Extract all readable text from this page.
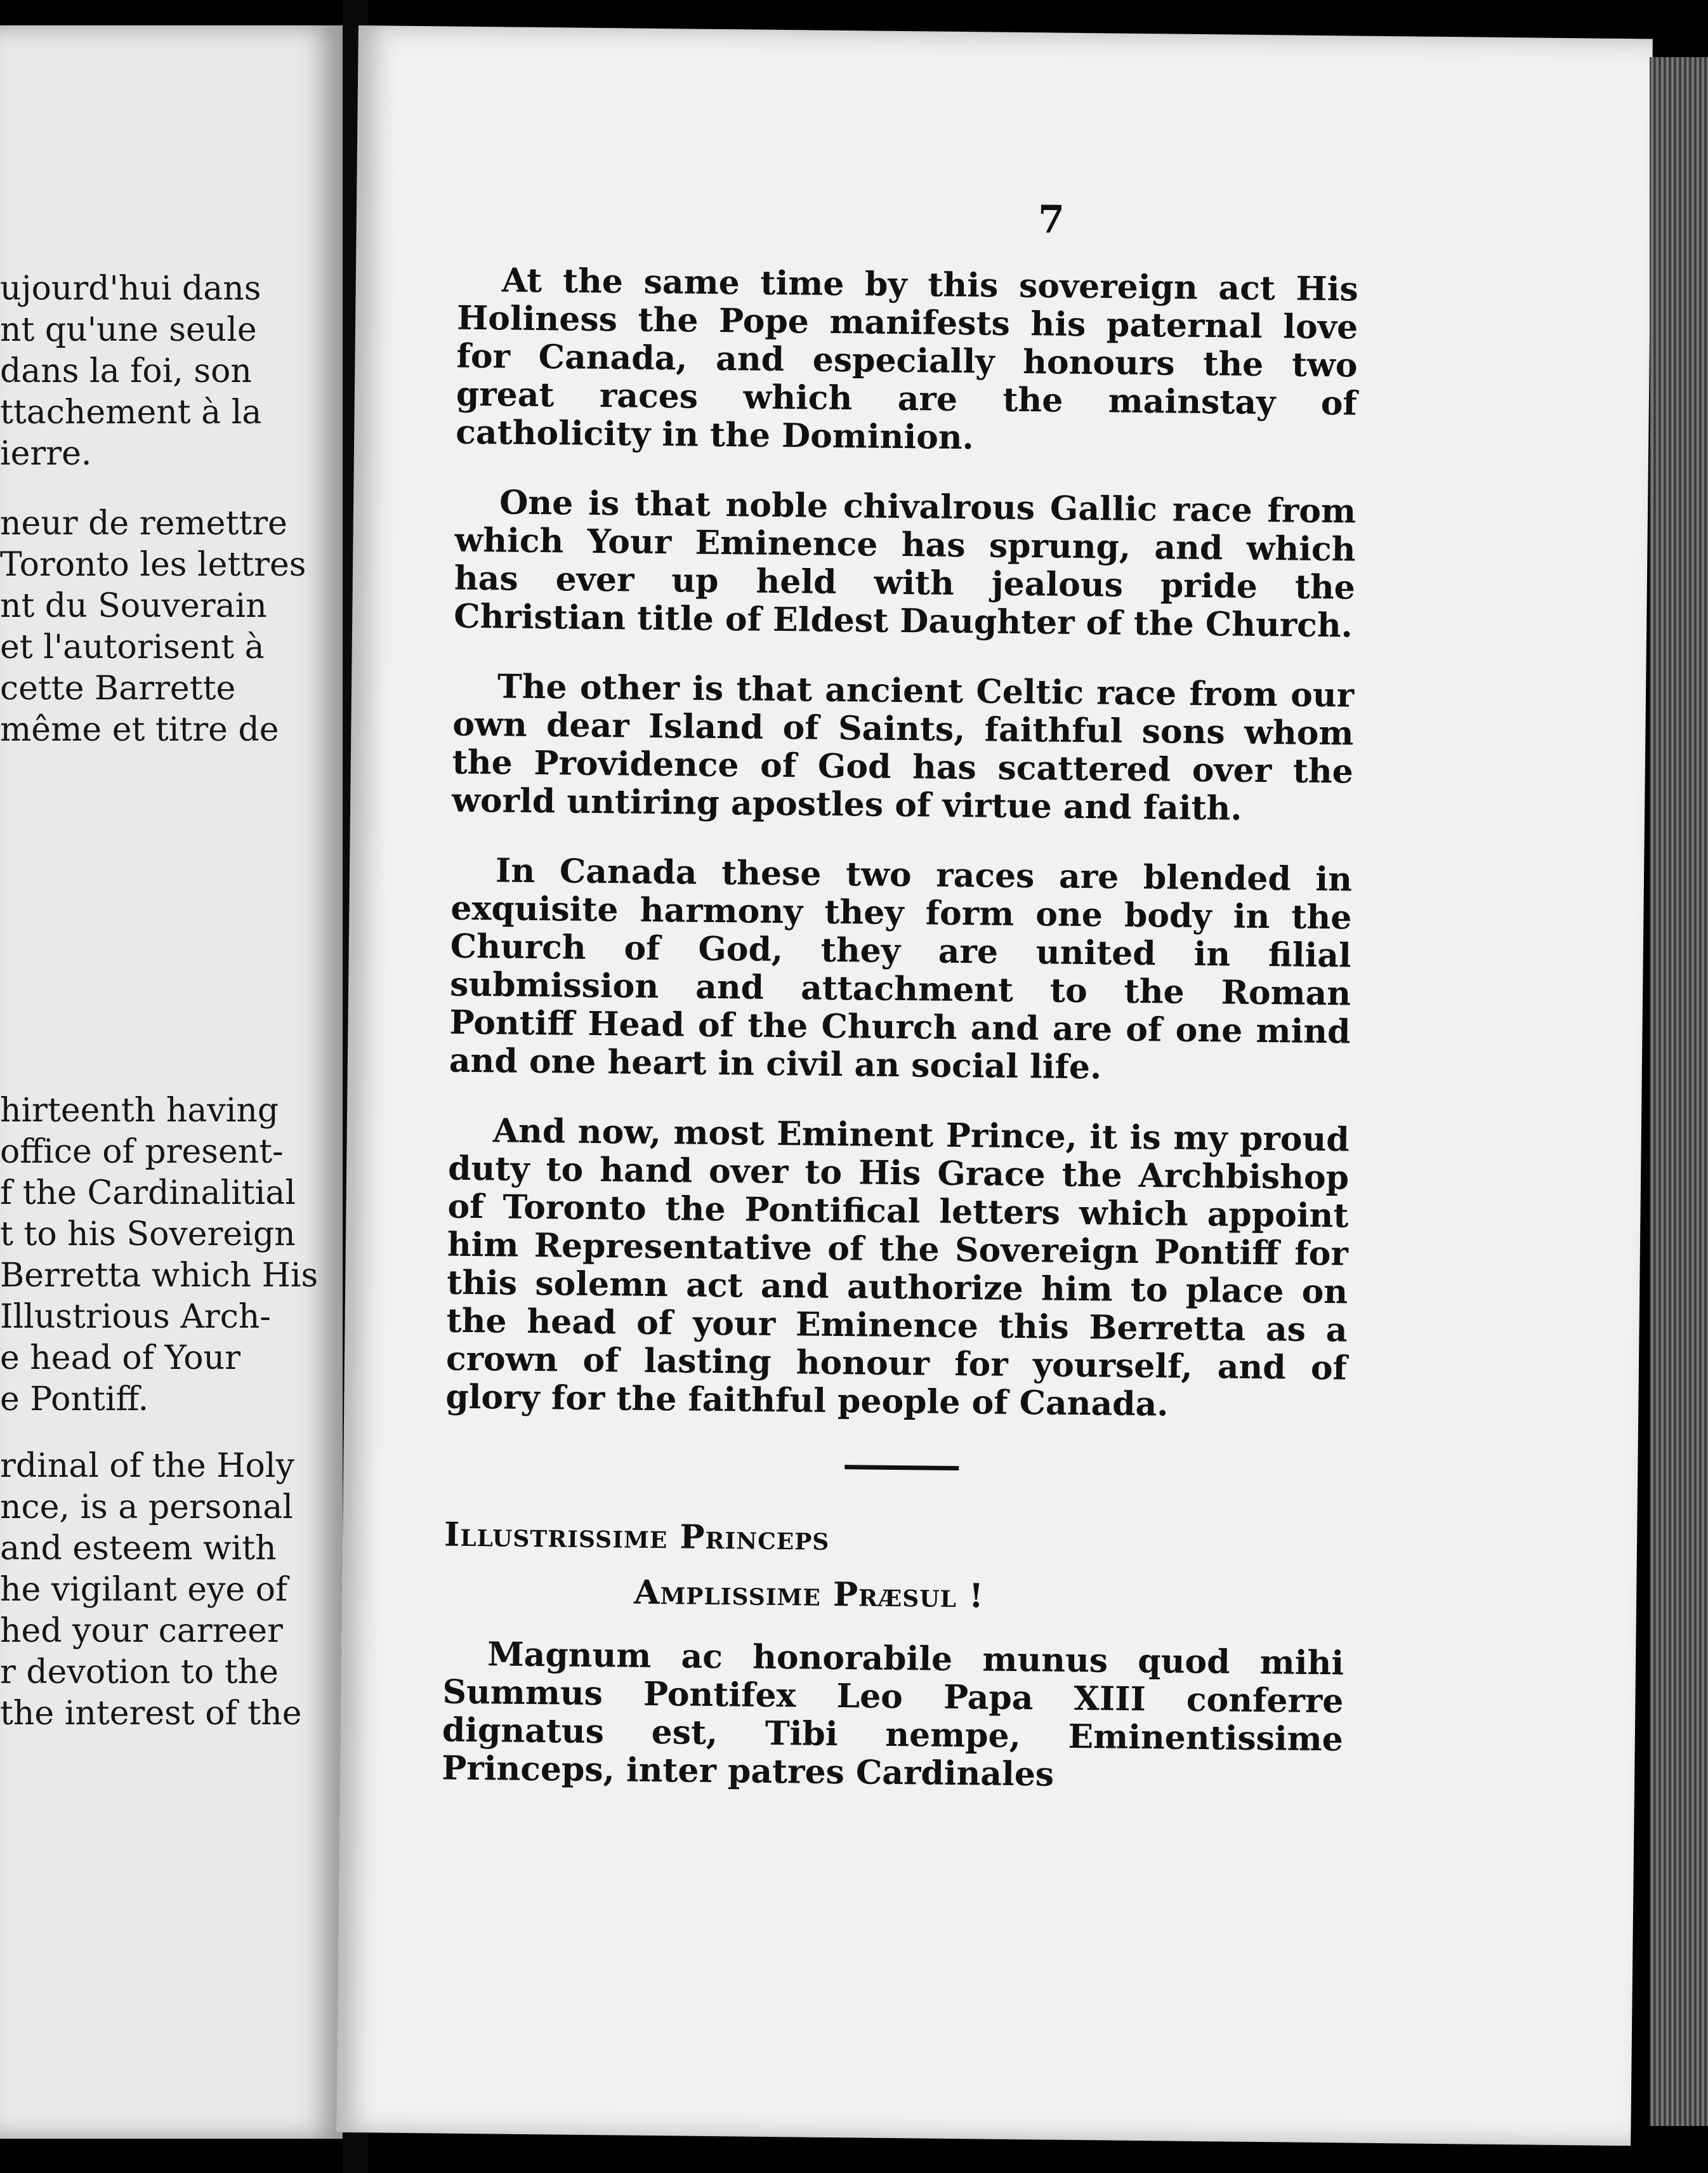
ujourd'hui dans
nt qu'une seule
dans la foi, son
ttachement à la
ierre.
neur de remettre
Toronto les lettres
nt du Souverain
et l'autorisent à
cette Barrette
même et titre de
hirteenth having
office of present-
f the Cardinalitial
t to his Sovereign
Berretta which His
Illustrious Arch-
e head of Your
e Pontiff.
rdinal of the Holy
nce, is a personal
and esteem with
he vigilant eye of
hed your carreer
r devotion to the
the interest of the
7

At the same time by this sovereign act His Holiness the Pope manifests his paternal love for Canada, and especially honours the two great races which are the mainstay of catholicity in the Dominion.

One is that noble chivalrous Gallic race from which Your Eminence has sprung, and which has ever up held with jealous pride the Christian title of Eldest Daughter of the Church.

The other is that ancient Celtic race from our own dear Island of Saints, faithful sons whom the Providence of God has scattered over the world untiring apostles of virtue and faith.

In Canada these two races are blended in exquisite harmony they form one body in the Church of God, they are united in filial submission and attachment to the Roman Pontiff Head of the Church and are of one mind and one heart in civil an social life.

And now, most Eminent Prince, it is my proud duty to hand over to His Grace the Archbishop of Toronto the Pontifical letters which appoint him Representative of the Sovereign Pontiff for this solemn act and authorize him to place on the head of your Eminence this Berretta as a crown of lasting honour for yourself, and of glory for the faithful people of Canada.

Illustrissime Princeps
Amplissime Præsul !

Magnum ac honorabile munus quod mihi Summus Pontifex Leo Papa XIII conferre dignatus est, Tibi nempe, Eminentissime Princeps, inter patres Cardinales
